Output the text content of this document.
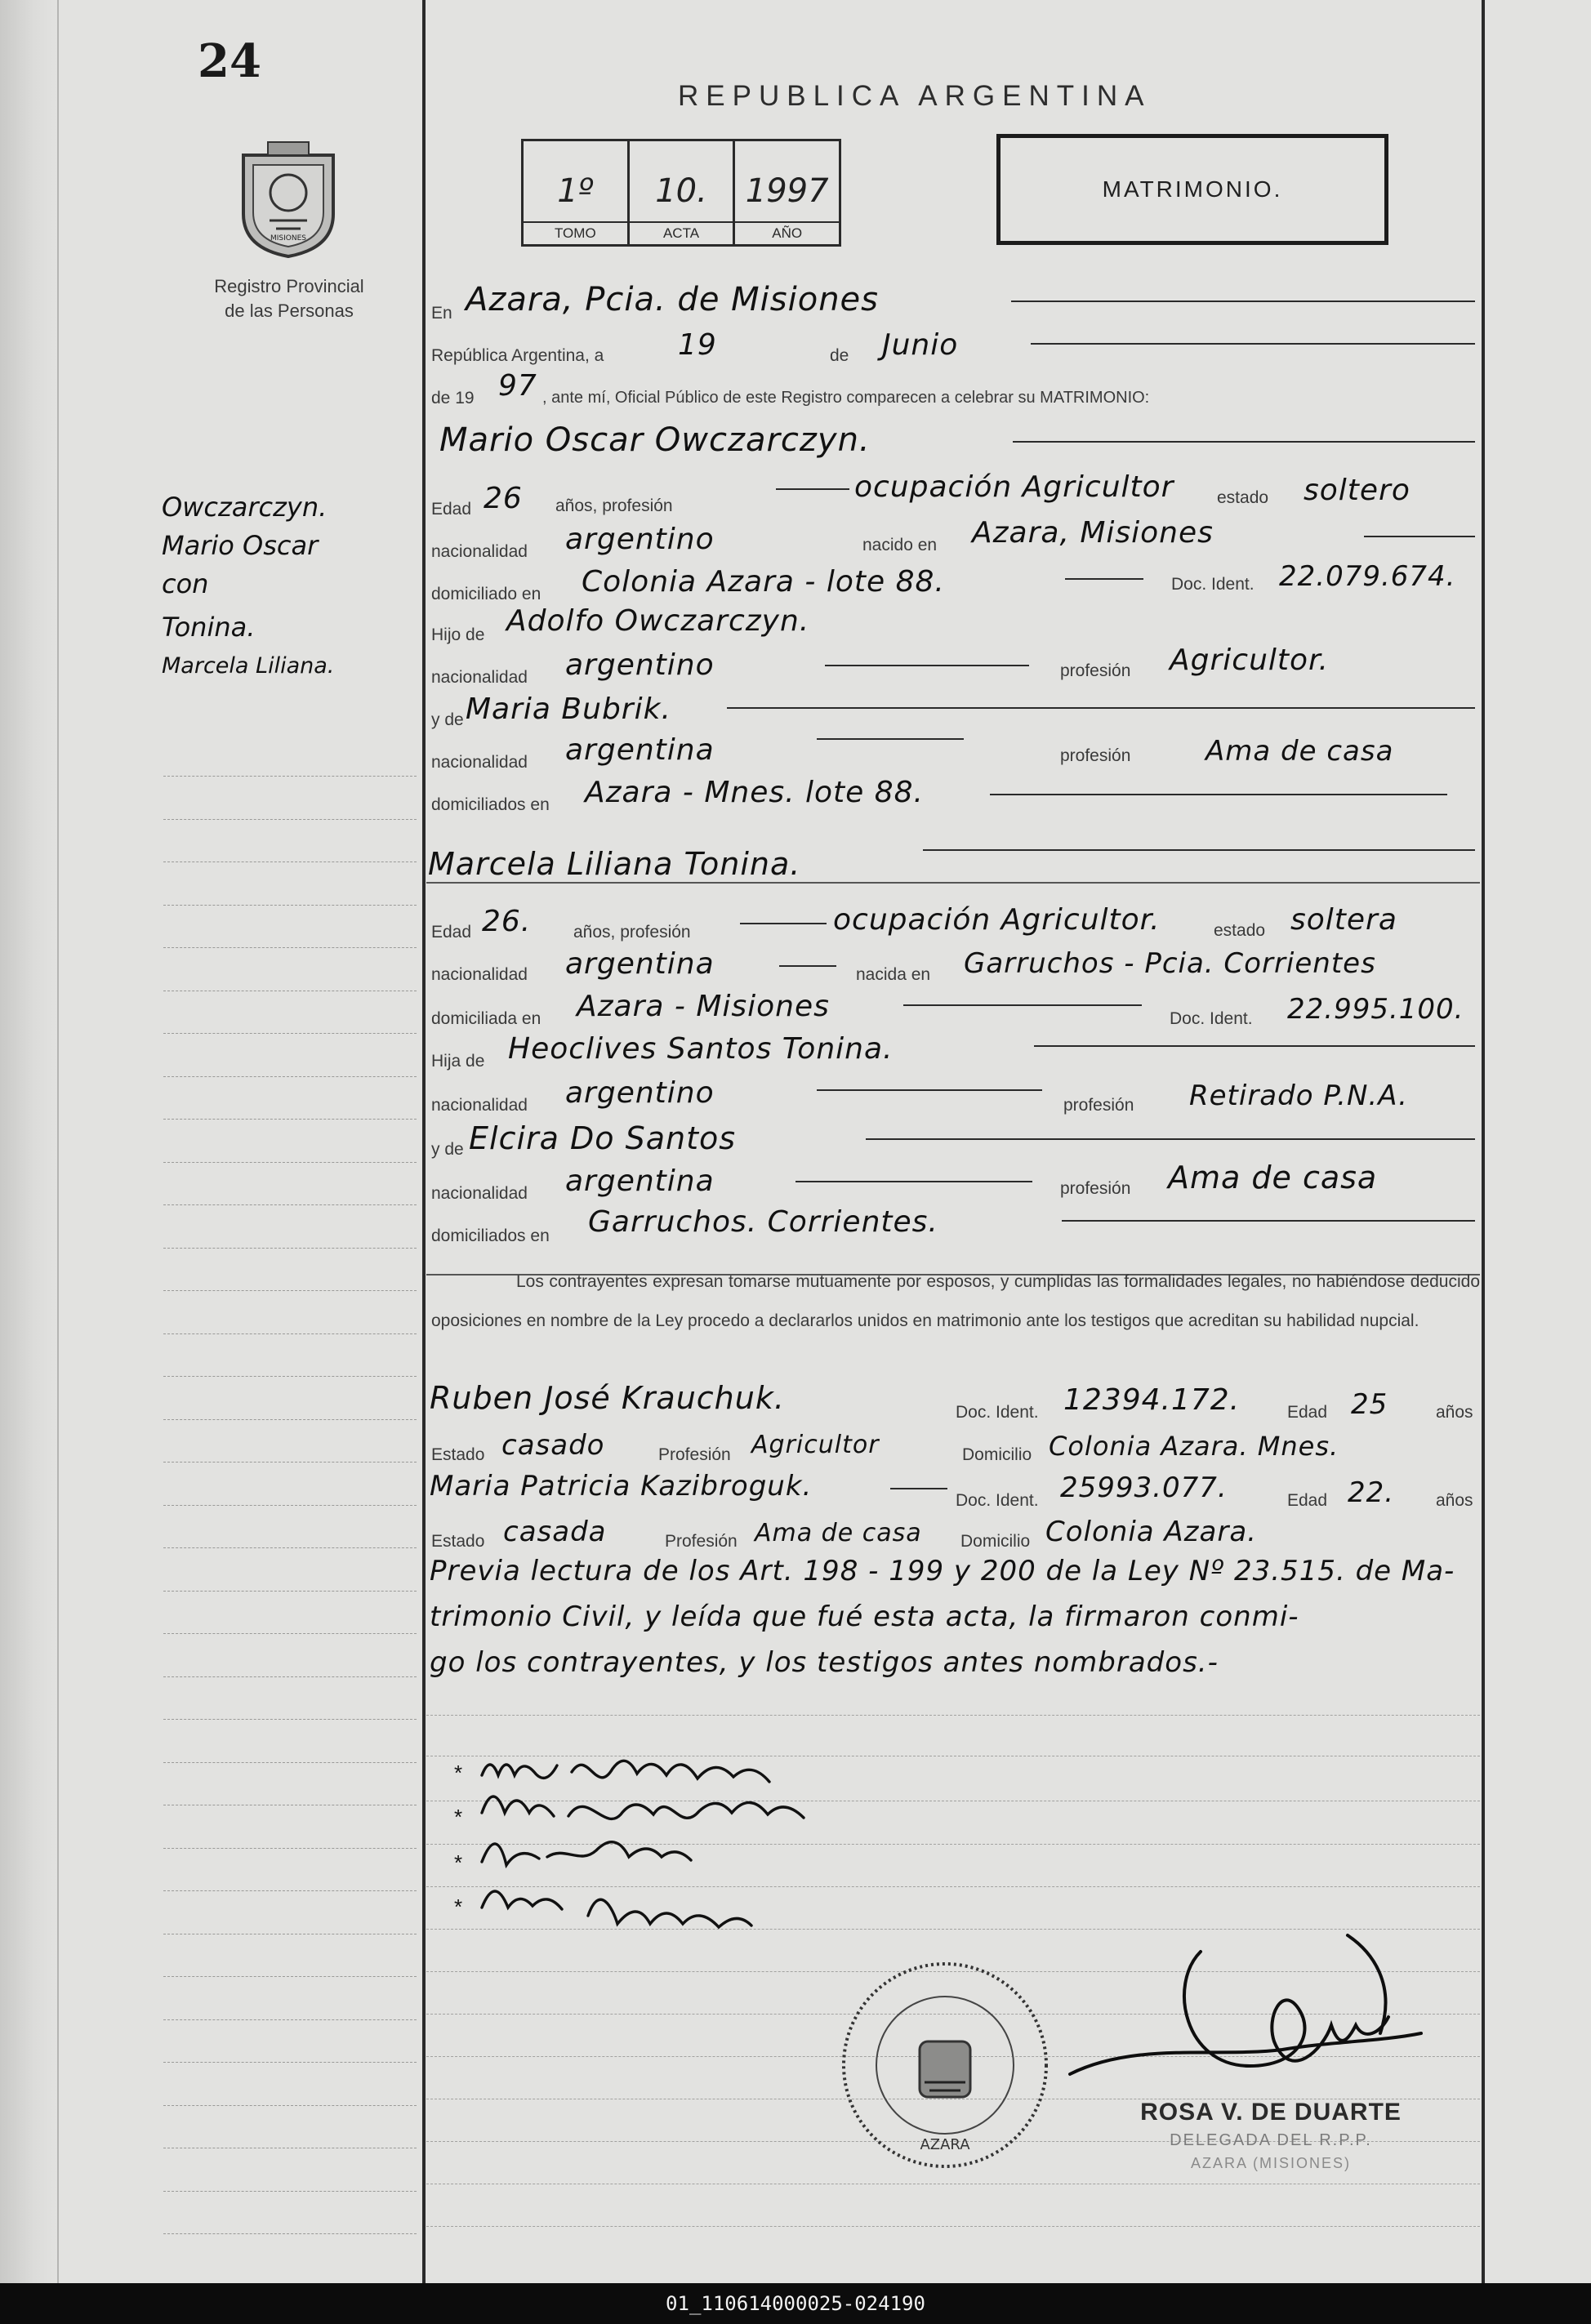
24
MISIONES
Registro Provincial
de las Personas
REPUBLICA ARGENTINA
1º
TOMO
10.
ACTA
1997
AÑO
MATRIMONIO.
Owczarczyn.
Mario Oscar
con
Tonina.
Marcela Liliana.
En Azara, Pcia. de Misiones
República Argentina, a	19	de Junio
de 19 97 , ante mí, Oficial Público de este Registro comparecen a celebrar su MATRIMONIO:
Mario Oscar Owczarczyn.
Edad 26 años, profesión
ocupación Agricultor	estado soltero
nacionalidad argentino	nacido en Azara, Misiones
domiciliado en Colonia Azara - lote 88.	Doc. Ident. 22.079.674.
Hijo de Adolfo Owczarczyn.
nacionalidad argentino	profesión Agricultor.
y de Maria Bubrik.
nacionalidad argentina	profesión	Ama de casa
domiciliados en Azara - Mnes. lote 88.
Marcela Liliana Tonina.
Edad 26. años, profesión	ocupación Agricultor.	estado soltera
nacionalidad argentina	nacida en Garruchos - Pcia. Corrientes
domiciliada en Azara - Misiones	Doc. Ident. 22.995.100.
Hija de Heoclives Santos Tonina.
nacionalidad argentino	profesión Retirado P.N.A.
y de Elcira Do Santos
nacionalidad argentina	profesión Ama de casa
domiciliados en Garruchos. Corrientes.
Los contrayentes expresan tomarse mutuamente por esposos, y cumplidas las formalidades legales, no habiéndose deducido oposiciones en nombre de la Ley procedo a declararlos unidos en matrimonio ante los testigos que acreditan su habilidad nupcial.
Ruben José Krauchuk.	Doc. Ident. 12394.172.	Edad 25	años
Estado casado	Profesión Agricultor	Domicilio Colonia Azara. Mnes.
Maria Patricia Kazibroguk.	Doc. Ident. 25993.077.	Edad 22. años
Estado casada	Profesión Ama de casa Domicilio Colonia Azara.
Previa lectura de los Art. 198 - 199 y 200 de la Ley Nº 23.515. de Ma-
trimonio Civil, y leída que fué esta acta, la firmaron conmi-
go los contrayentes, y los testigos antes nombrados.-
*
*
*
*
AZARA
ROSA V. DE DUARTE
DELEGADA DEL R.P.P.
AZARA (MISIONES)
01_110614000025-024190
